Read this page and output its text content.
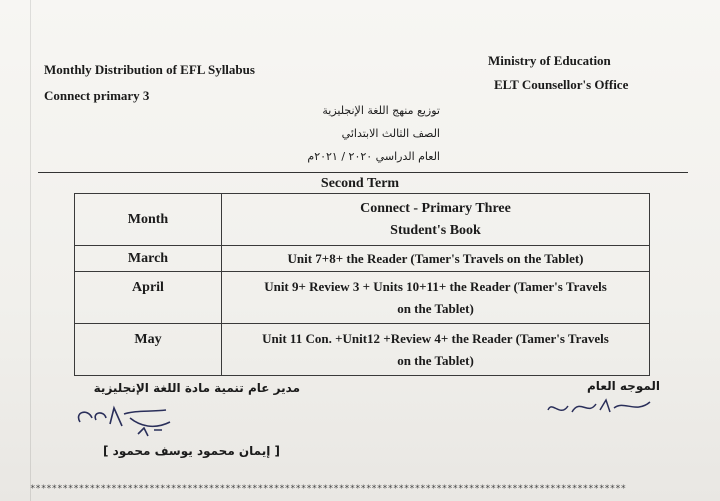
Monthly Distribution of EFL Syllabus
Connect primary 3
Ministry of Education
ELT Counsellor's Office
توزيع منهج اللغة الإنجليزية
الصف الثالث الابتدائي
العام الدراسي ٢٠٢٠ / ٢٠٢١م
Second Term
Month	Connect - Primary Three
Student's Book
March	Unit 7+8+ the Reader (Tamer's Travels on the Tablet)
April	Unit 9+ Review 3 + Units 10+11+ the Reader (Tamer's Travels
on the Tablet)
May	Unit 11 Con. +Unit12 +Review 4+ the Reader (Tamer's Travels
on the Tablet)
مدير عام تنمية مادة اللغة الإنجليزية
[ إيمان محمود يوسف محمود ]
الموجه العام
**************************************************************************************************************
